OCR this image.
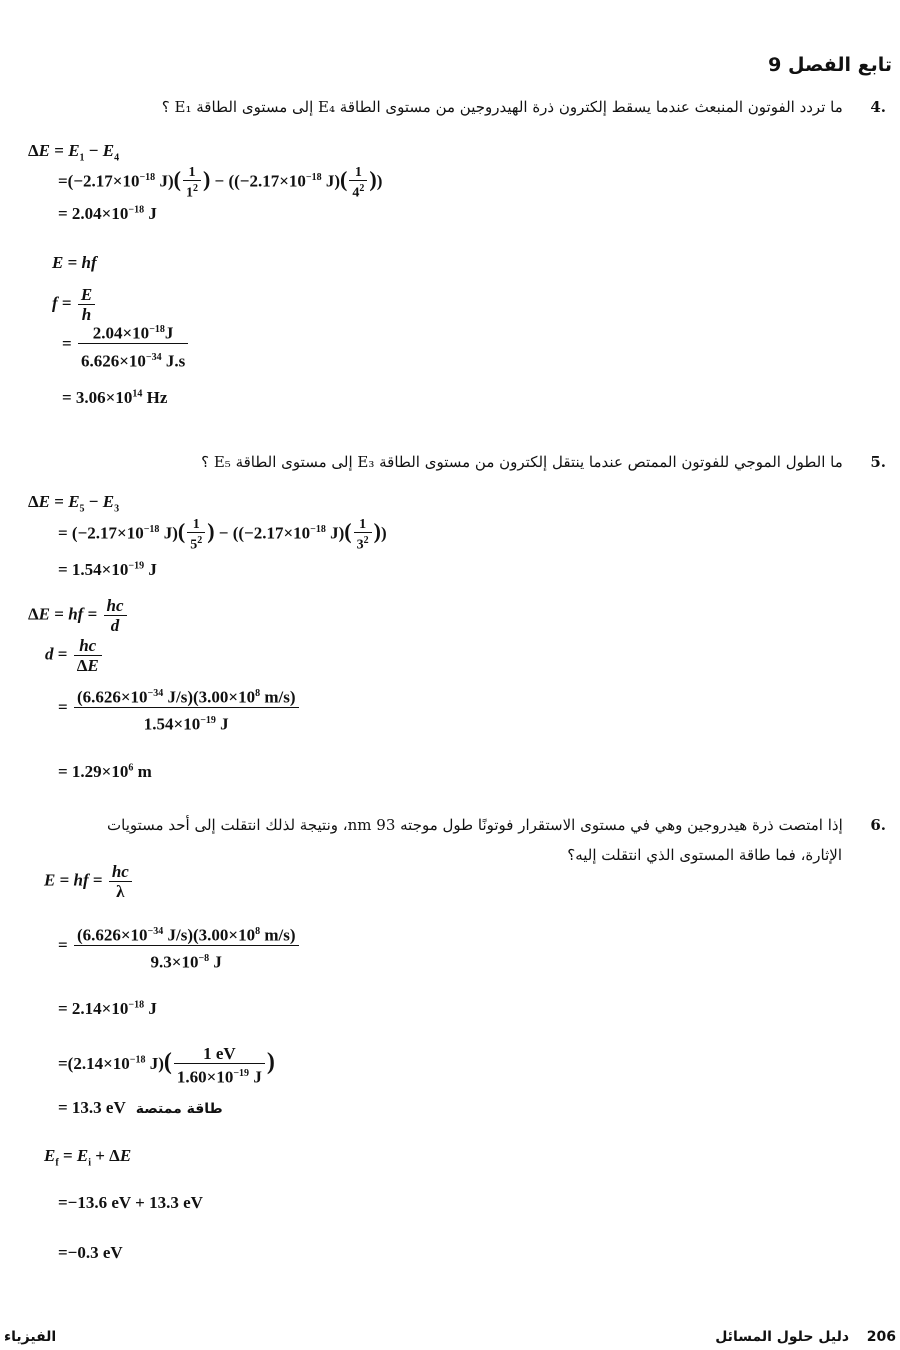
تابع الفصل 9
.4  ما تردد الفوتون المنبعث عندما يسقط إلكترون ذرة الهيدروجين من مستوى الطاقة E₄ إلى مستوى الطاقة E₁ ؟
$\Delta E = E_1 - E_4$
$=(-2.17\times 10^{-18}$ $J)( \frac{1}{1^2}$ ) − (($-2.17\times 10^{-18}$ $J)( \frac{1}{4^2}$ ))
= $2.04\times 10^{-18}$ J
E = hf
$f = \frac{E}{h}$
= $\frac{2.04\times 10^{-18}J}{6.626\times 10^{-34} J.s}$
= $3.06\times 10^{14}$ Hz
.5  ما الطول الموجي للفوتون الممتص عندما ينتقل إلكترون من مستوى الطاقة E₃ إلى مستوى الطاقة E₅ ؟
$\Delta E = E_5 - E_3$
= ($-2.17\times 10^{-18}$ $J)( \frac{1}{5^2}$ ) − (($-2.17\times 10^{-18}$ $J)( \frac{1}{3^2}$ ))
= $1.54\times 10^{-19}$ J
ΔE = hf = $\frac{hc}{d}$
$d = \frac{hc}{\Delta E}$
= $\frac{(6.626\times 10^{-34} J/s)(3.00\times 10^8 m/s)}{1.54\times 10^{-19} J}$
= $1.29\times 10^6$ m
.6  إذا امتصت ذرة هيدروجين وهي في مستوى الاستقرار فوتونًا طول موجته 93 nm، ونتيجة لذلك انتقلت إلى أحد مستويات
الإثارة، فما طاقة المستوى الذي انتقلت إليه؟
E = hf = $\frac{hc}{\lambda}$
= $\frac{(6.626\times 10^{-34} J/s)(3.00\times 10^8 m/s)}{9.3\times 10^{-8} J}$
= $2.14\times 10^{-18}$ J
$=(2.14\times 10^{-18}$ $J)( \frac{1 eV}{1.60\times 10^{-19} J}$ )
= 13.3 eV طاقة ممتصة
$E_f = E_i + \Delta E$
=−13.6 eV + 13.3 eV
=−0.3 eV
الفيزياء	206  دليل حلول المسائل
